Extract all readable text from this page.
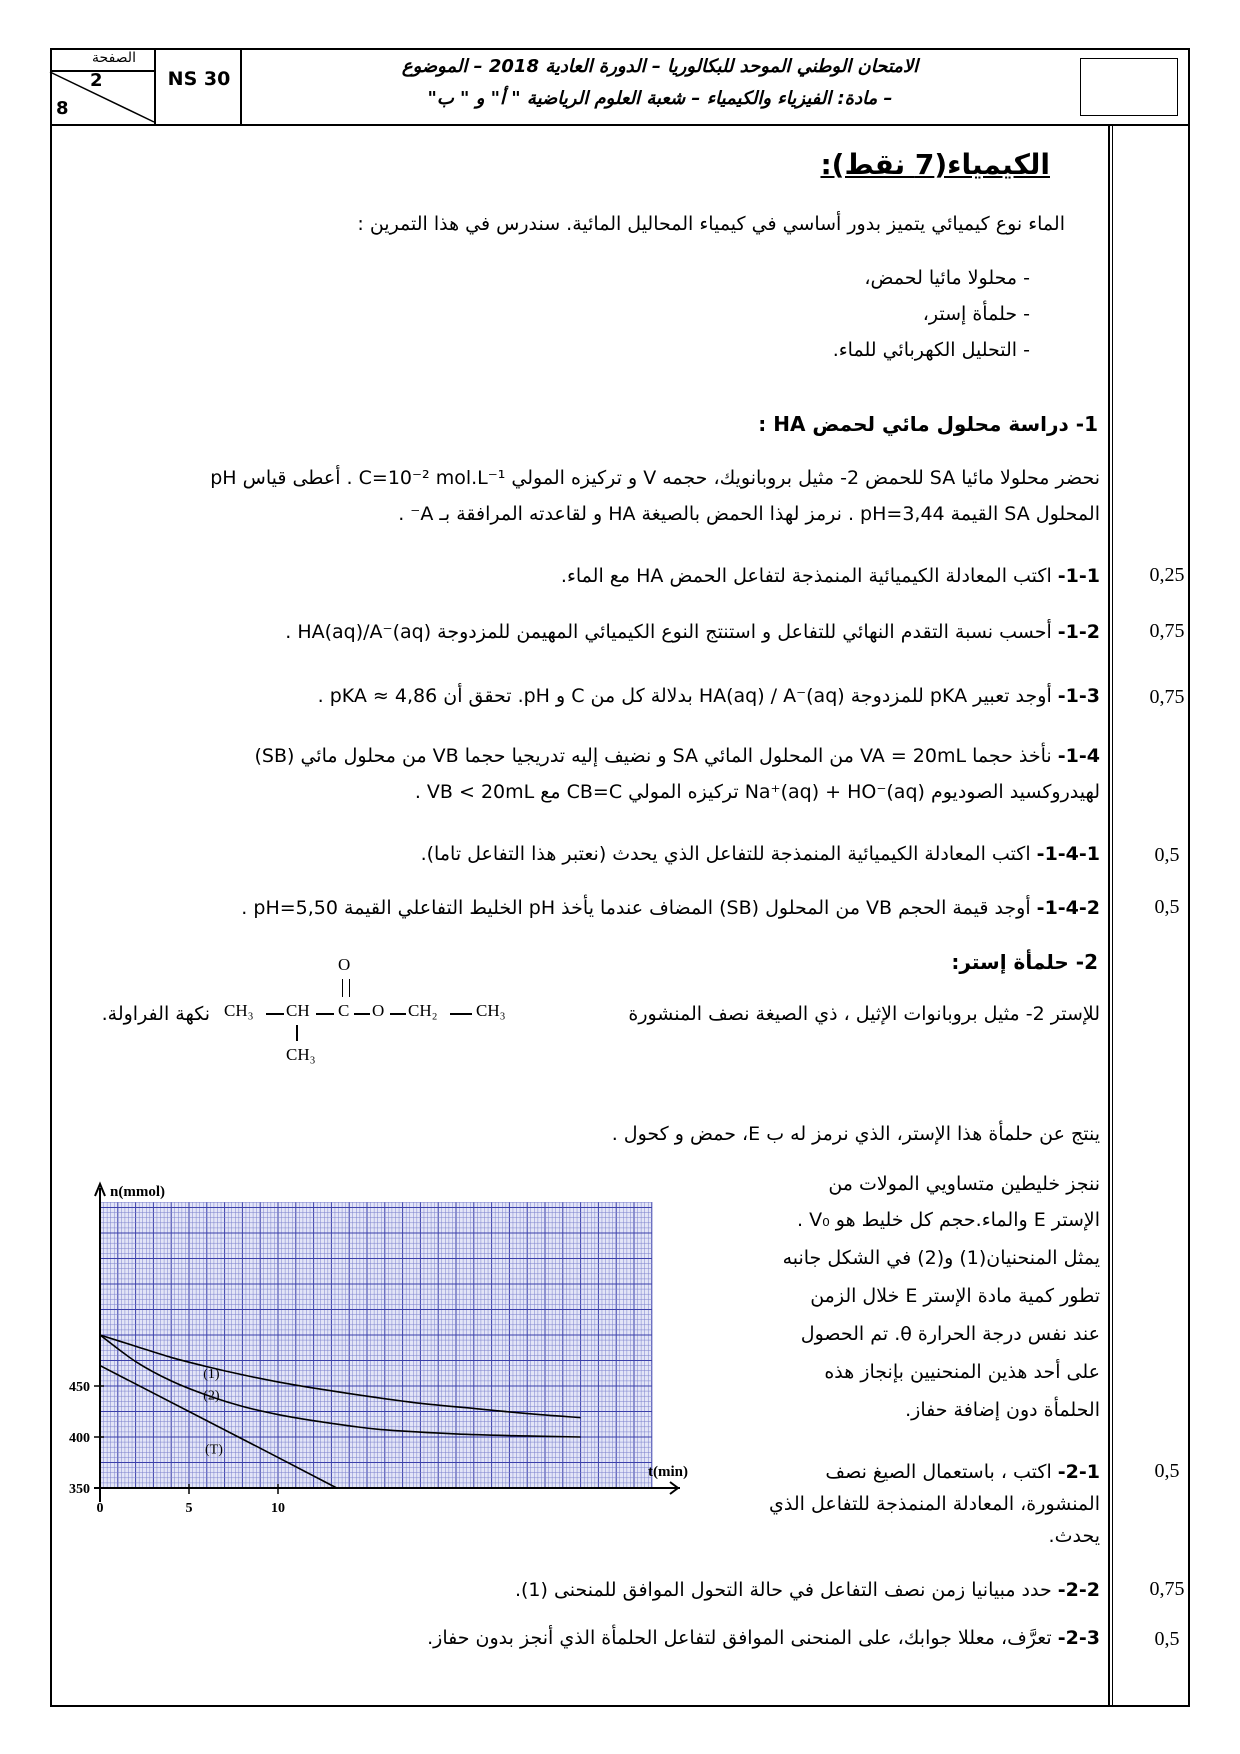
الصفحة
2
8
NS 30
الامتحان الوطني الموحد للبكالوريا – الدورة العادية 2018 – الموضوع
– مادة: الفيزياء والكيمياء – شعبة العلوم الرياضية " أ" و " ب"
الكيمياء(7 نقط):
الماء نوع كيميائي يتميز بدور أساسي في كيمياء المحاليل المائية. سندرس في هذا التمرين :
- محلولا مائيا لحمض،
- حلمأة إستر،
- التحليل الكهربائي للماء.
1- دراسة محلول مائي لحمض HA :
نحضر محلولا مائيا SA للحمض 2- مثيل بروبانويك، حجمه V و تركيزه المولي C=10⁻² mol.L⁻¹ . أعطى قياس pH
المحلول SA القيمة pH=3,44 . نرمز لهذا الحمض بالصيغة HA و لقاعدته المرافقة بـ A⁻ .
1-1- اكتب المعادلة الكيميائية المنمذجة لتفاعل الحمض HA مع الماء.
1-2- أحسب نسبة التقدم النهائي للتفاعل و استنتج النوع الكيميائي المهيمن للمزدوجة HA(aq)/A⁻(aq) .
1-3- أوجد تعبير pKA للمزدوجة HA(aq) / A⁻(aq) بدلالة كل من C و pH. تحقق أن pKA ≈ 4,86 .
1-4- نأخذ حجما VA = 20mL من المحلول المائي SA و نضيف إليه تدريجيا حجما VB من محلول مائي (SB)
لهيدروكسيد الصوديوم Na⁺(aq) + HO⁻(aq) تركيزه المولي CB=C مع VB < 20mL .
1-4-1- اكتب المعادلة الكيميائية المنمذجة للتفاعل الذي يحدث (نعتبر هذا التفاعل تاما).
1-4-2- أوجد قيمة الحجم VB من المحلول (SB) المضاف عندما يأخذ pH الخليط التفاعلي القيمة pH=5,50 .
2- حلمأة إستر:
للإستر 2- مثيل بروبانوات الإثيل ، ذي الصيغة نصف المنشورة
نكهة الفراولة.
O
CH₃ CH C O CH₂ CH₃
CH₃
ينتج عن حلمأة هذا الإستر، الذي نرمز له ب E، حمض و كحول .
ننجز خليطين متساويي المولات من
الإستر E والماء.حجم كل خليط هو V₀ .
يمثل المنحنيان(1) و(2) في الشكل جانبه
تطور كمية مادة الإستر E خلال الزمن
عند نفس درجة الحرارة θ. تم الحصول
على أحد هذين المنحنيين بإنجاز هذه
الحلمأة دون إضافة حفاز.
2-1- اكتب ، باستعمال الصيغ نصف
المنشورة، المعادلة المنمذجة للتفاعل الذي
يحدث.
2-2- حدد مبيانيا زمن نصف التفاعل في حالة التحول الموافق للمنحنى (1).
2-3- تعرَّف، معللا جوابك، على المنحنى الموافق لتفاعل الحلمأة الذي أنجز بدون حفاز.
0,25
0,75
0,75
0,5
0,5
0,5
0,75
0,5
n(mmol)
t(min)
350
400
450
0	5	10
(1)
(2)
(T)
